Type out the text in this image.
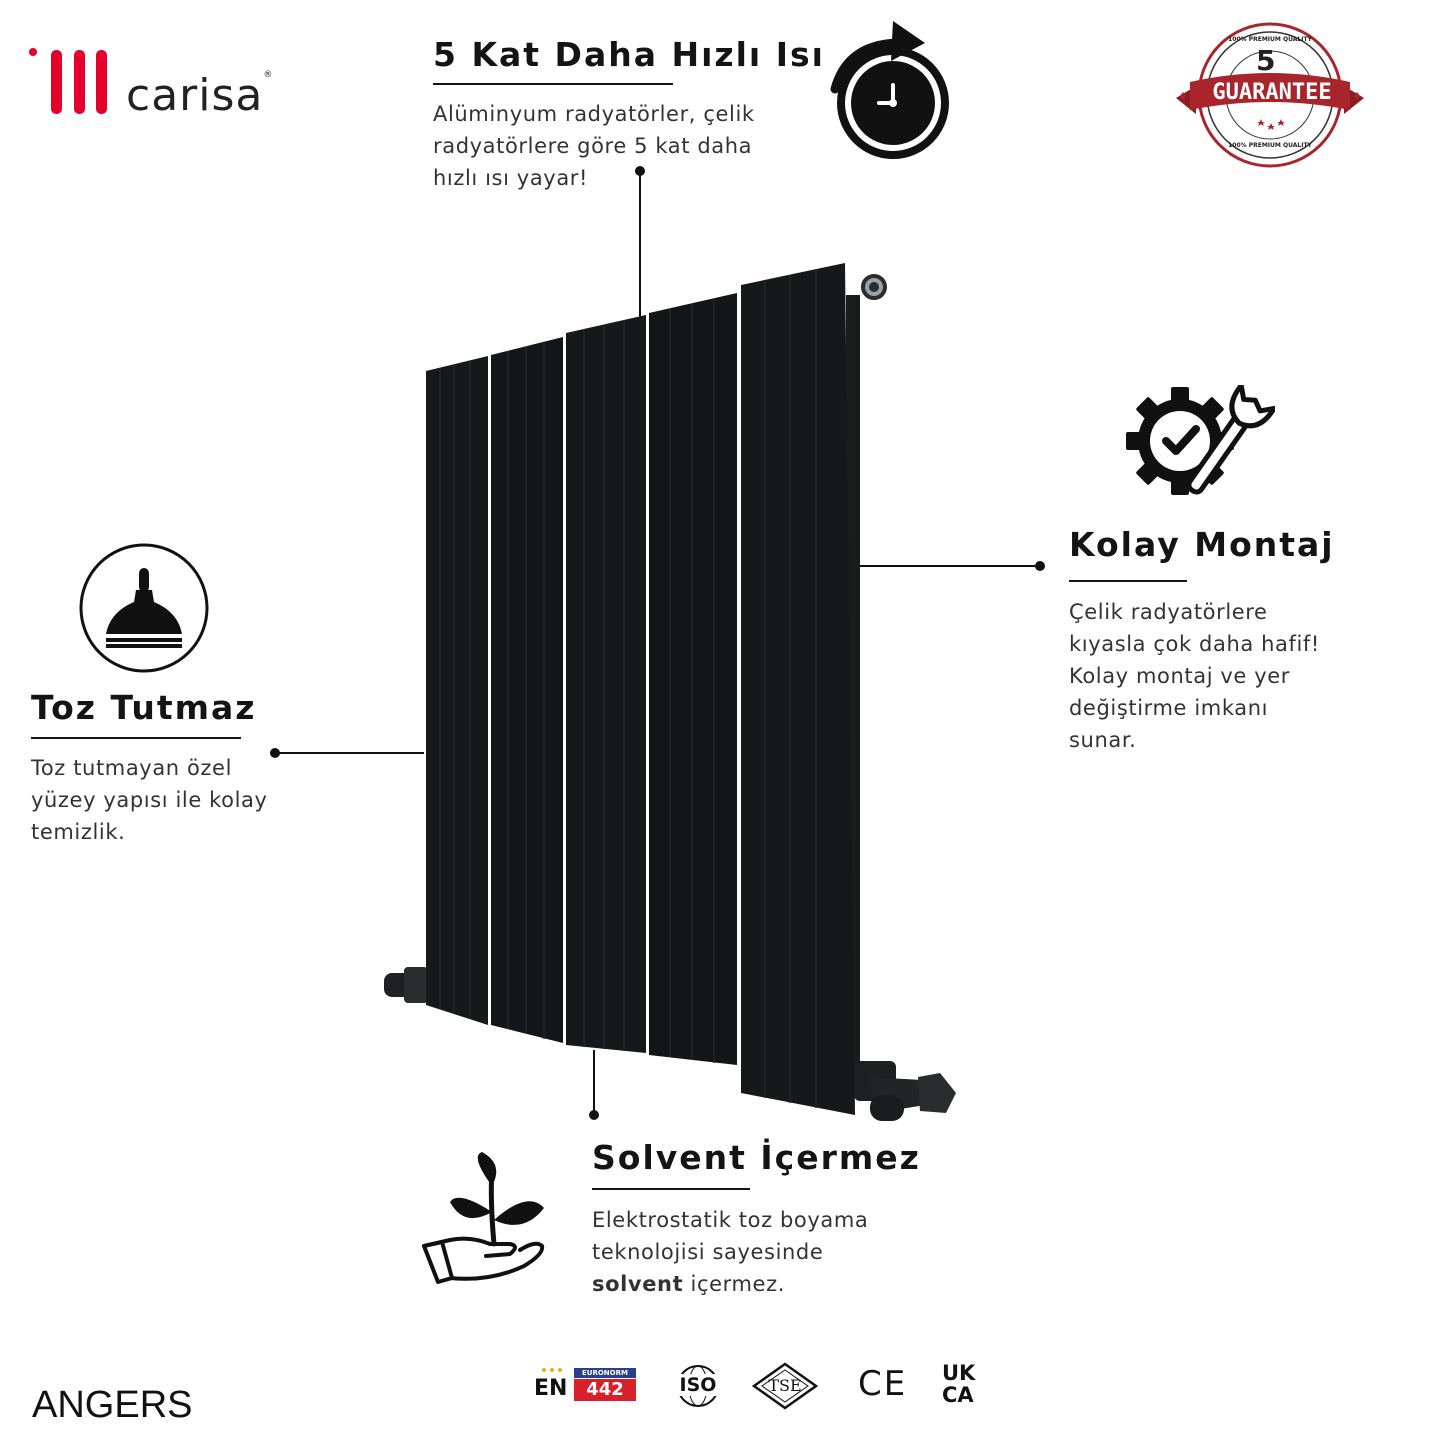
carisa®	5
GUARANTEE
100% PREMIUM QUALITY
100% PREMIUM QUALITY
5 Kat Daha Hızlı Isı
Alüminyum radyatörler, çelik
radyatörlere göre 5 kat daha
hızlı ısı yayar!
Kolay Montaj
Çelik radyatörlere
kıyasla çok daha hafif!
Kolay montaj ve yer
değiştirme imkanı
sunar.
Toz Tutmaz
Toz tutmayan özel
yüzey yapısı ile kolay
temizlik.
Solvent İçermez
Elektrostatik toz boyama
teknolojisi sayesinde
solvent içermez.
ANGERS	EN
EURONORM
442	ISO	TSE	CE UK
CA
